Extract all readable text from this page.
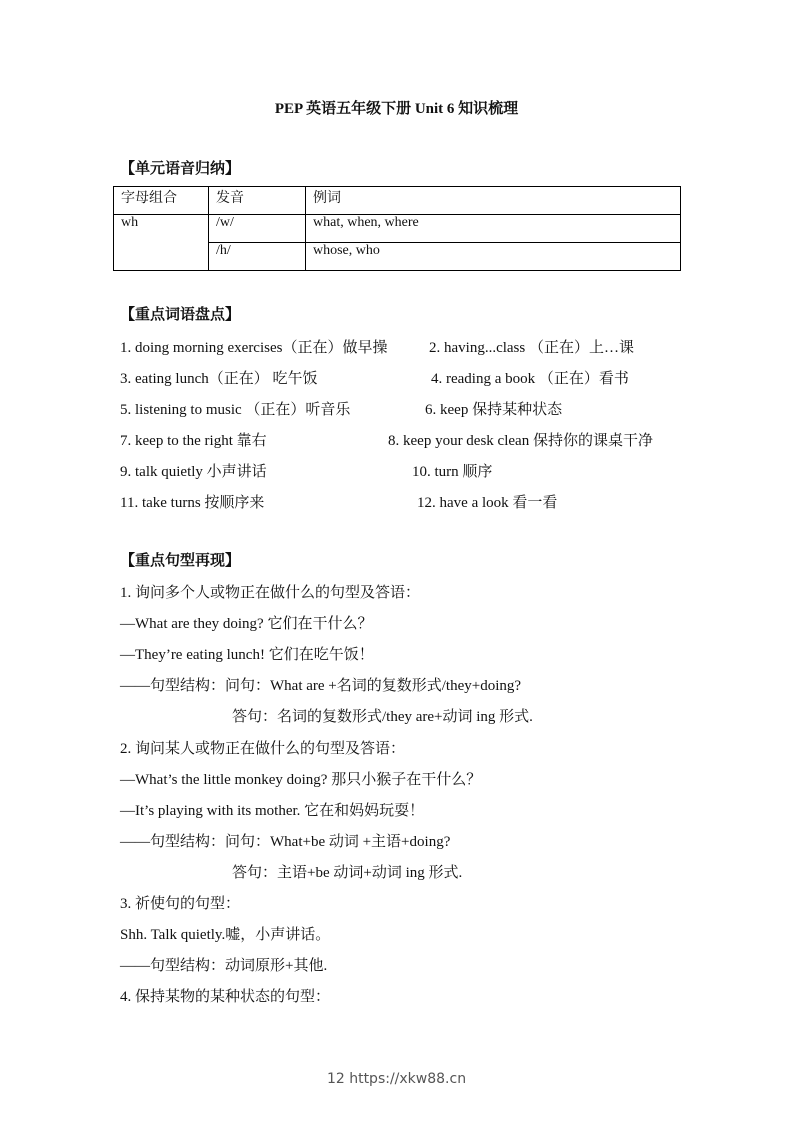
PEP 英语五年级下册 Unit 6 知识梳理
【单元语音归纳】
字母组合	发音	例词
wh	/w/	what, when, where
	/h/	whose, who
【重点词语盘点】
1. doing morning exercises（正在）做早操	2. having...class （正在）上…课
3. eating lunch（正在） 吃午饭	4. reading a book （正在）看书
5. listening to music （正在）听音乐	6. keep 保持某种状态
7. keep to the right 靠右	8. keep your desk clean 保持你的课桌干净
9. talk quietly 小声讲话	10. turn 顺序
11. take turns 按顺序来	12. have a look 看一看
【重点句型再现】
1. 询问多个人或物正在做什么的句型及答语：
—What are they doing? 它们在干什么？
—They’re eating lunch! 它们在吃午饭！
——句型结构：问句：What are +名词的复数形式/they+doing?
答句：名词的复数形式/they are+动词 ing 形式.
2. 询问某人或物正在做什么的句型及答语：
—What’s the little monkey doing? 那只小猴子在干什么？
—It’s playing with its mother. 它在和妈妈玩耍！
——句型结构：问句：What+be 动词 +主语+doing?
答句：主语+be 动词+动词 ing 形式.
3. 祈使句的句型：
Shh. Talk quietly.嘘，小声讲话。
——句型结构：动词原形+其他.
4. 保持某物的某种状态的句型：
12 https://xkw88.cn
